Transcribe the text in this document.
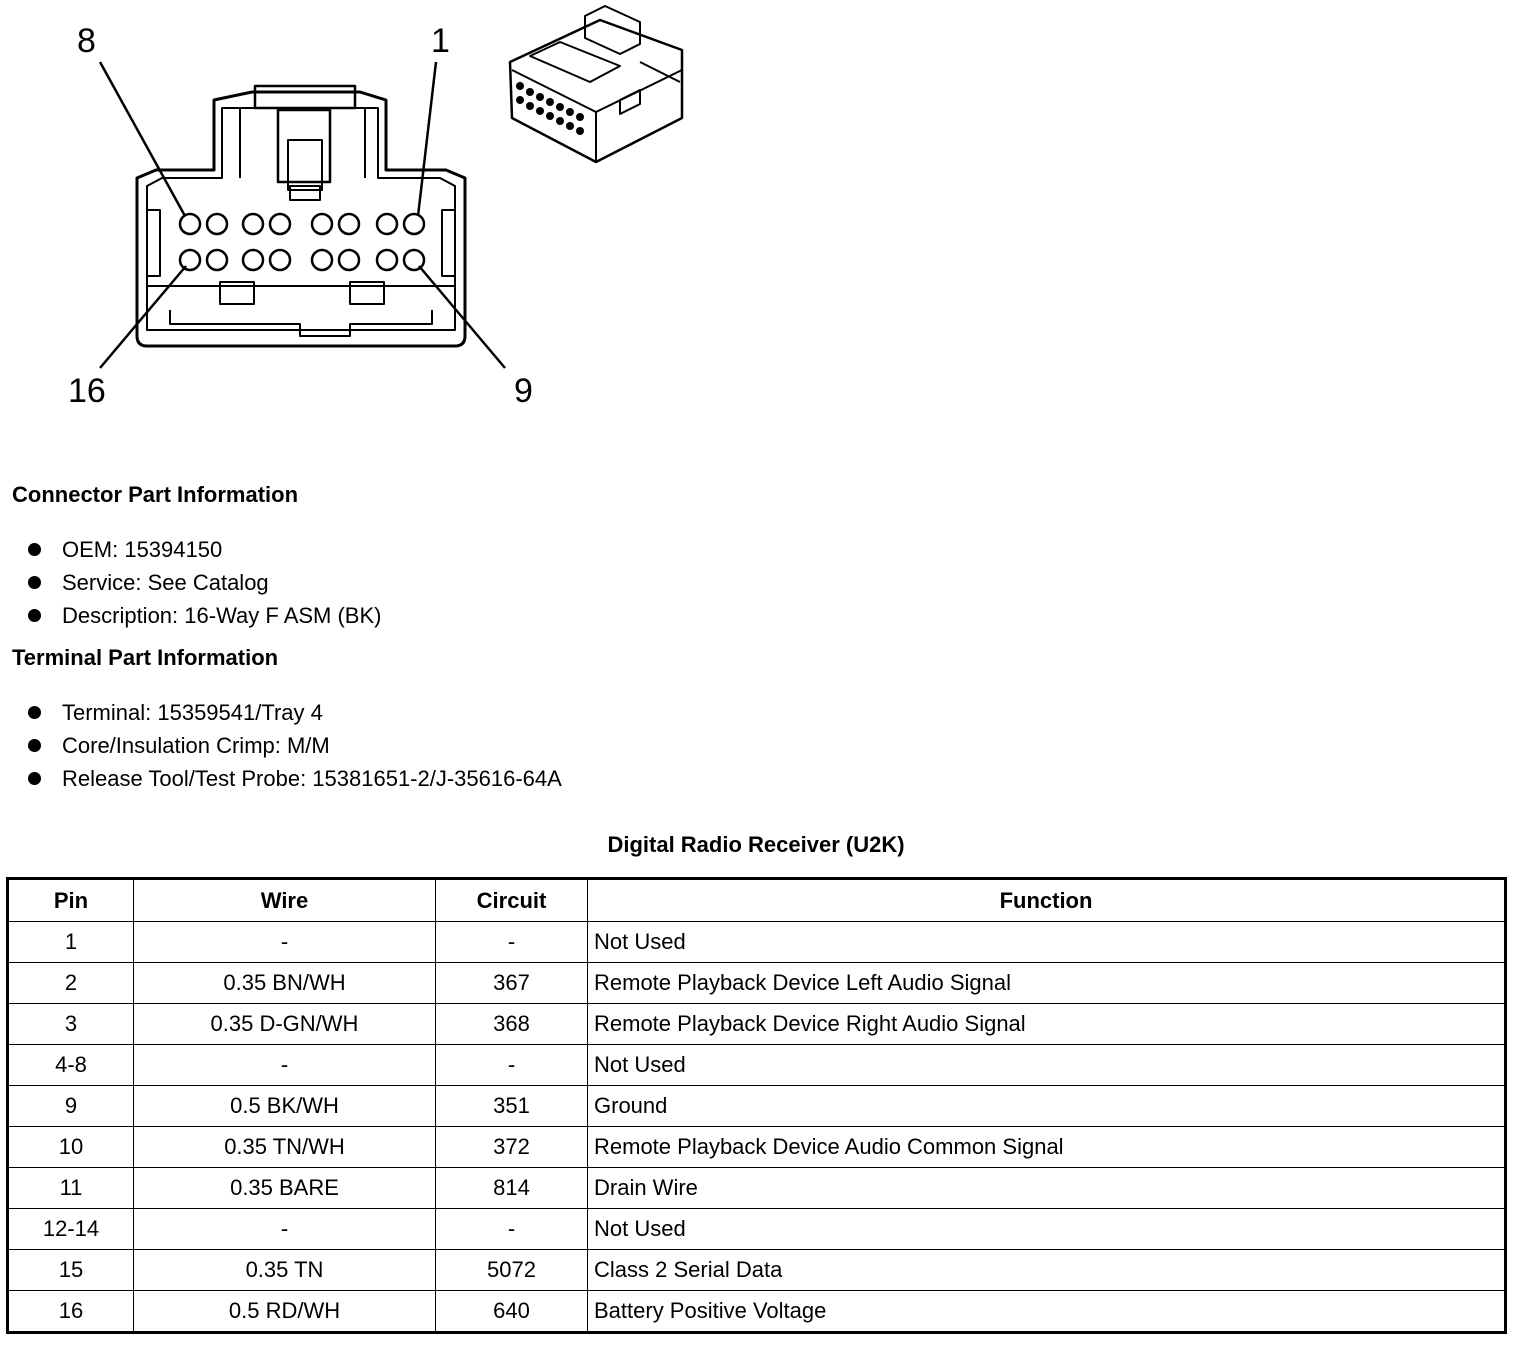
8	1
16	9
Connector Part Information
OEM: 15394150
Service: See Catalog
Description: 16-Way F ASM (BK)
Terminal Part Information
Terminal: 15359541/Tray 4
Core/Insulation Crimp: M/M
Release Tool/Test Probe: 15381651-2/J-35616-64A
Digital Radio Receiver (U2K)
Pin	Wire	Circuit	Function
1	-	-	Not Used
2	0.35 BN/WH	367	Remote Playback Device Left Audio Signal
3	0.35 D-GN/WH	368	Remote Playback Device Right Audio Signal
4-8	-	-	Not Used
9	0.5 BK/WH	351	Ground
10	0.35 TN/WH	372	Remote Playback Device Audio Common Signal
11	0.35 BARE	814	Drain Wire
12-14	-	-	Not Used
15	0.35 TN	5072	Class 2 Serial Data
16	0.5 RD/WH	640	Battery Positive Voltage
